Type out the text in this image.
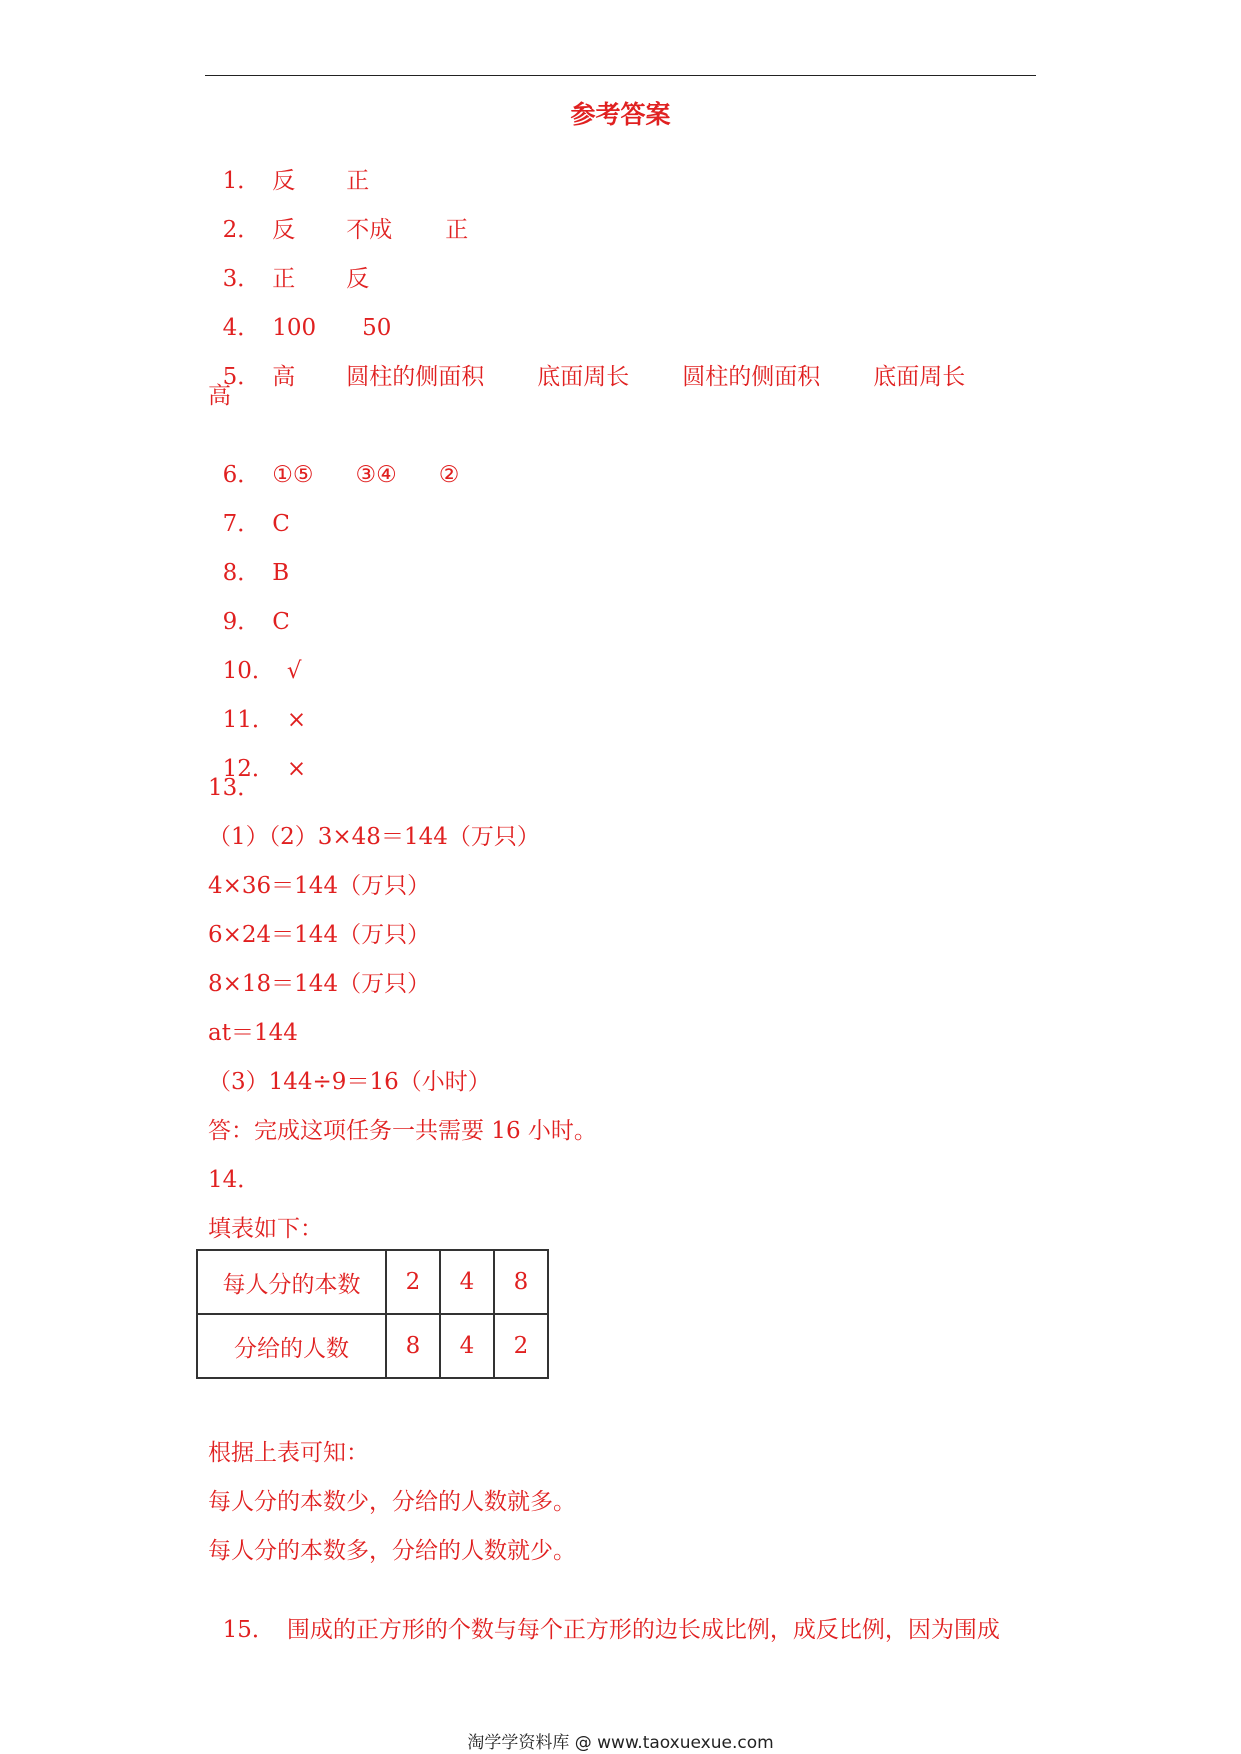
参考答案

1． 反 正

2． 反 不成 正

3． 正 反

4． 100 50

5． 高 圆柱的侧面积 底面周长 圆柱的侧面积 底面周长

高

6． ①⑤ ③④ ②

7． C

8． B

9． C

10． √

11． ×

12． ×

13．
（1）（2）3×48＝144（万只）
4×36＝144（万只）
6×24＝144（万只）
8×18＝144（万只）
at＝144
（3）144÷9＝16（小时）
答：完成这项任务一共需要 16 小时。
14．
填表如下：
每人分的本数	2	4	8
分给的人数	8	4	2
根据上表可知：
每人分的本数少，分给的人数就多。
每人分的本数多，分给的人数就少。

15． 围成的正方形的个数与每个正方形的边长成比例，成反比例，因为围成

淘学学资料库 @ www.taoxuexue.com
